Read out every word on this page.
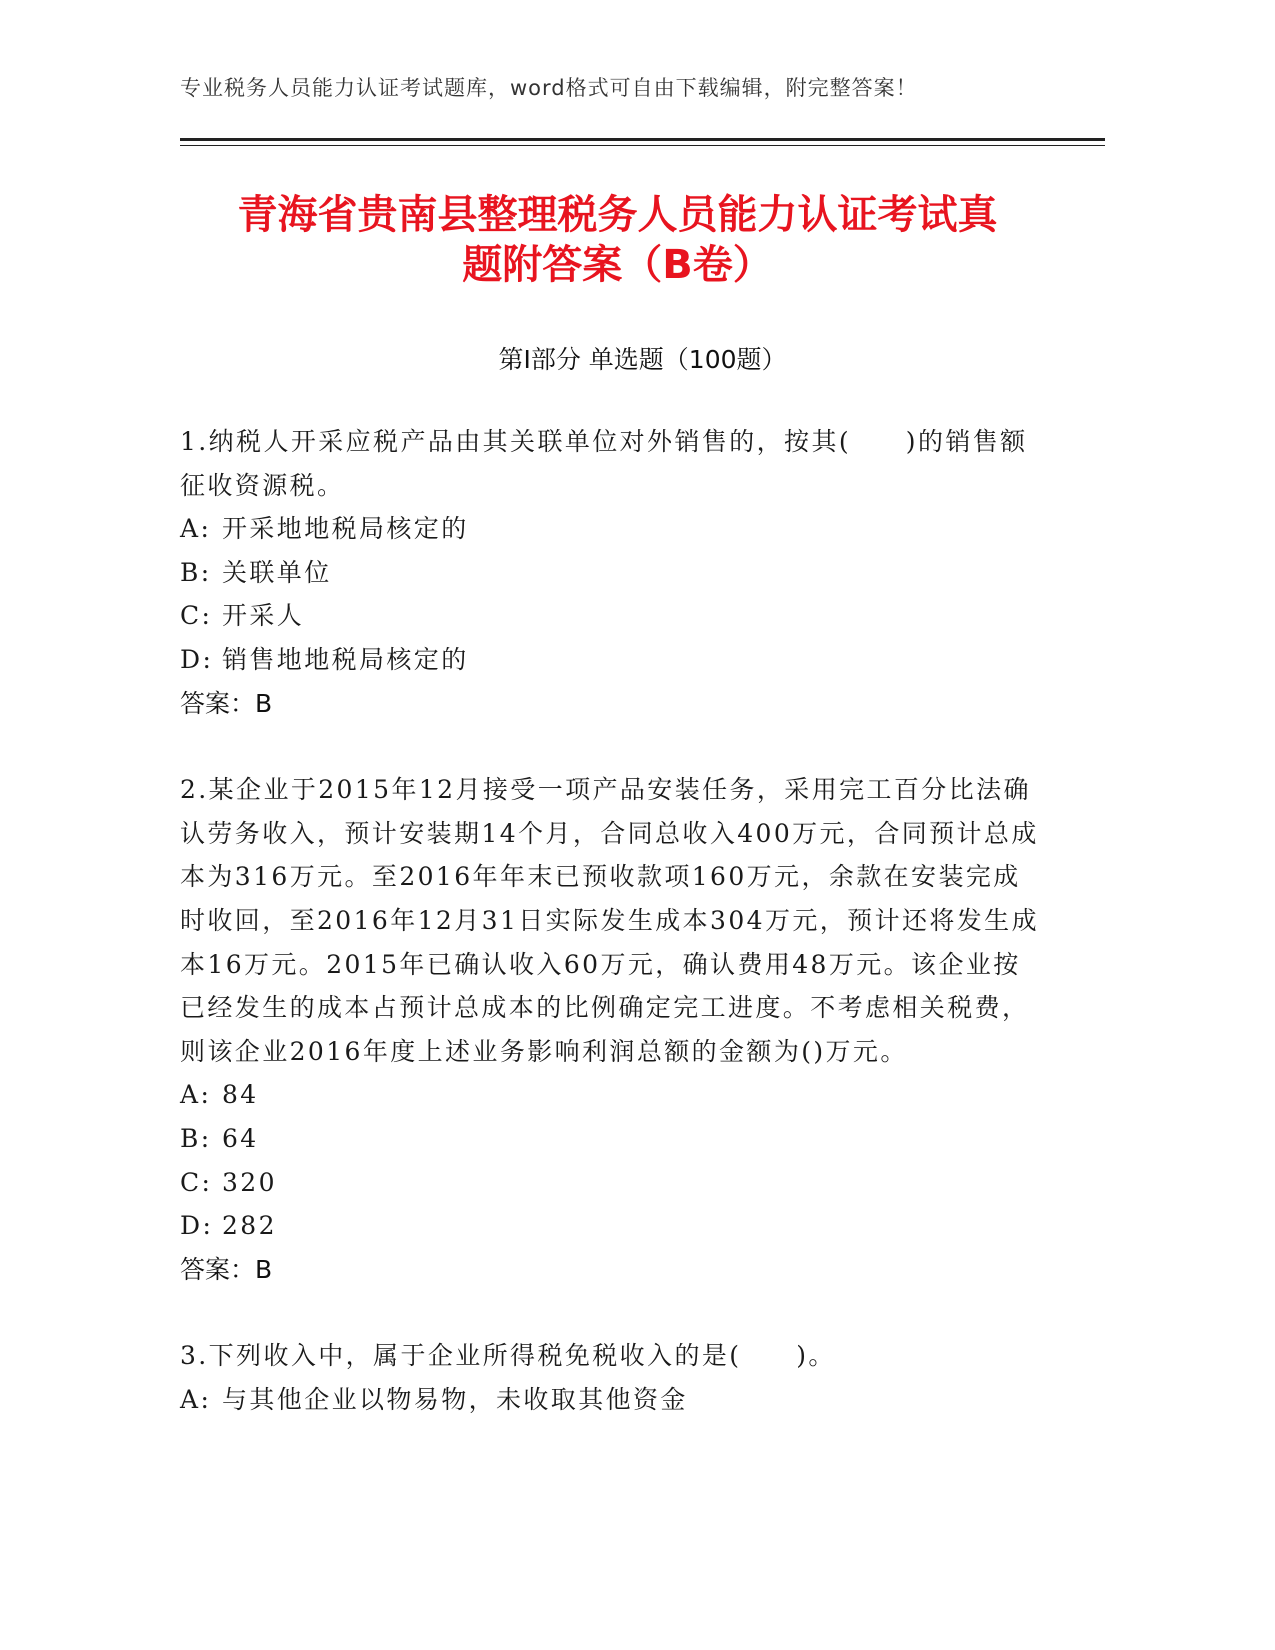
专业税务人员能力认证考试题库，word格式可自由下载编辑，附完整答案！
青海省贵南县整理税务人员能力认证考试真
题附答案（B卷）
第Ⅰ部分 单选题（100题）

1.纳税人开采应税产品由其关联单位对外销售的，按其(　　)的销售额征收资源税。

A: 开采地地税局核定的
B: 关联单位
C: 开采人
D: 销售地地税局核定的
答案：B

2.某企业于2015年12月接受一项产品安装任务，采用完工百分比法确认劳务收入，预计安装期14个月，合同总收入400万元，合同预计总成本为316万元。至2016年年末已预收款项160万元，余款在安装完成时收回，至2016年12月31日实际发生成本304万元，预计还将发生成本16万元。2015年已确认收入60万元，确认费用48万元。该企业按已经发生的成本占预计总成本的比例确定完工进度。不考虑相关税费，则该企业2016年度上述业务影响利润总额的金额为()万元。

A: 84
B: 64
C: 320
D: 282
答案：B

3.下列收入中，属于企业所得税免税收入的是(　　)。

A: 与其他企业以物易物，未收取其他资金
